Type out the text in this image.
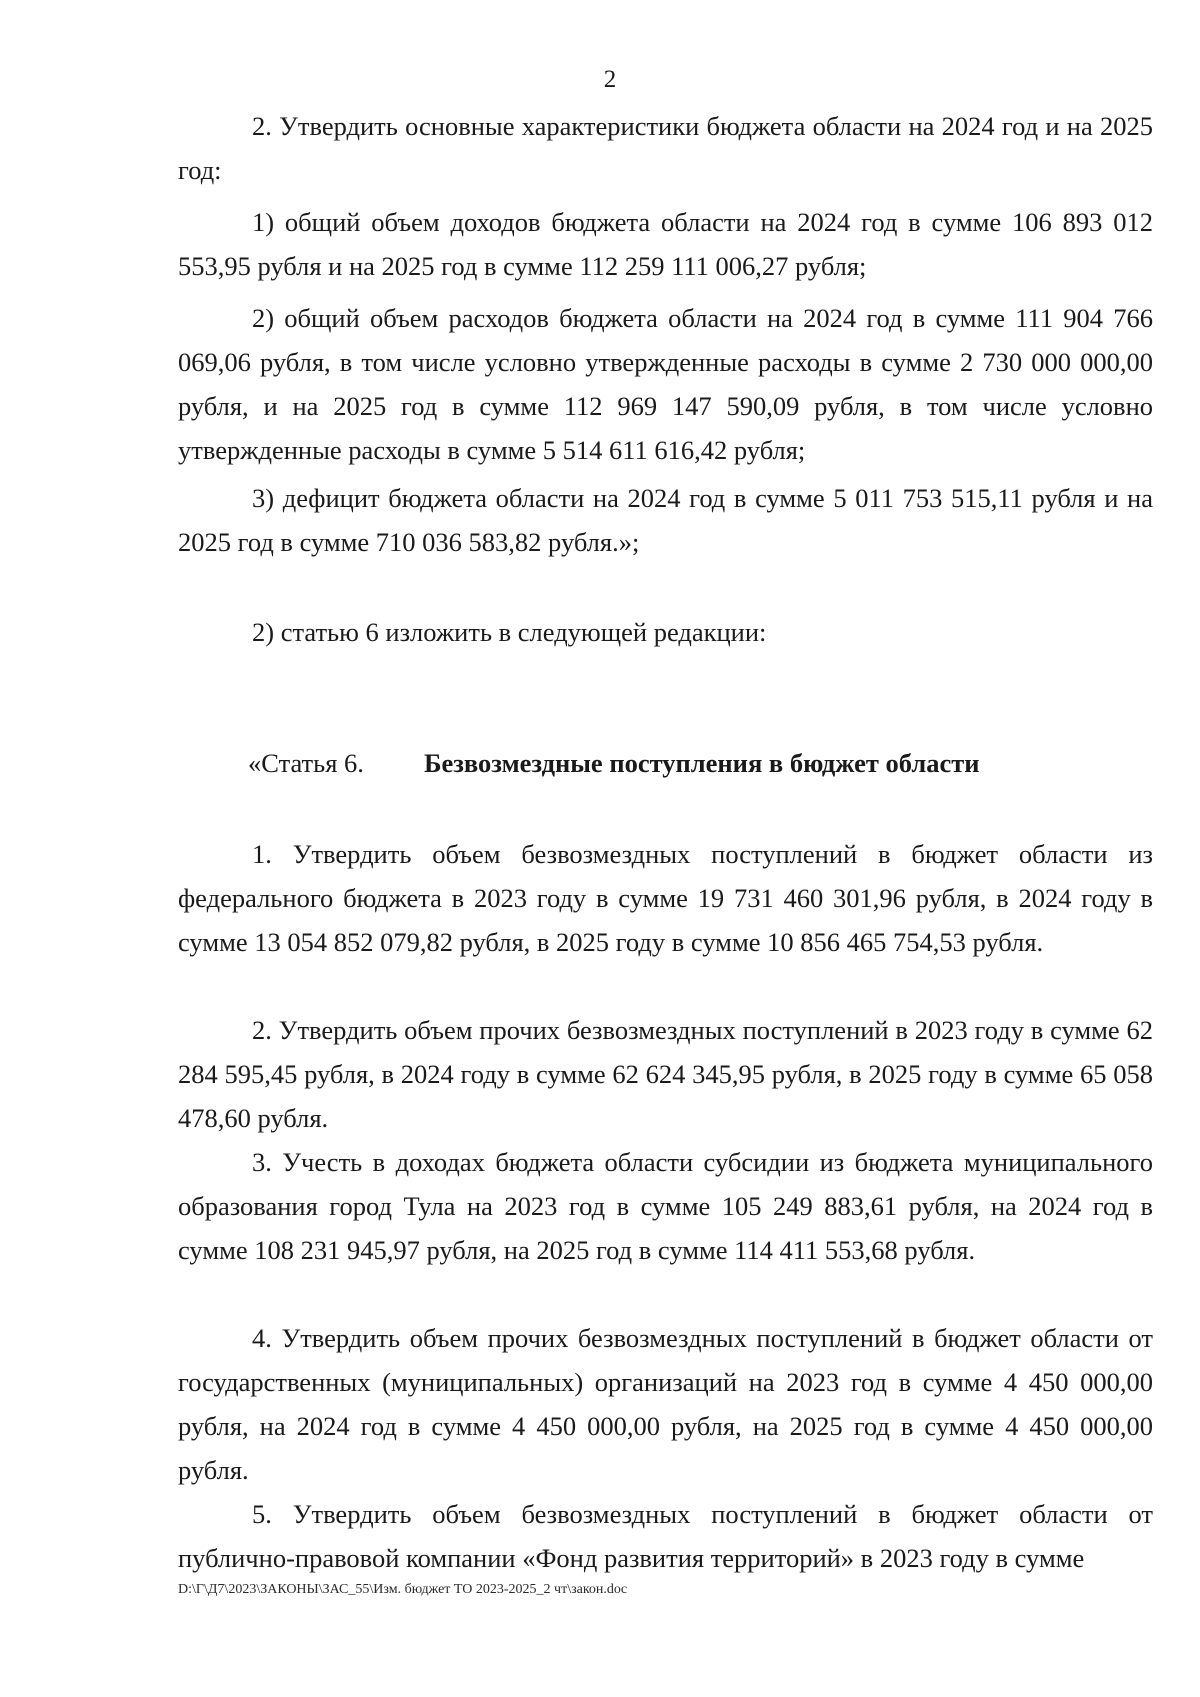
2

2. Утвердить основные характеристики бюджета области на 2024 год и на 2025 год:

1) общий объем доходов бюджета области на 2024 год в сумме 106 893 012 553,95 рубля и на 2025 год в сумме 112 259 111 006,27 рубля;

2) общий объем расходов бюджета области на 2024 год в сумме 111 904 766 069,06 рубля, в том числе условно утвержденные расходы в сумме 2 730 000 000,00 рубля, и на 2025 год в сумме 112 969 147 590,09 рубля, в том числе условно утвержденные расходы в сумме 5 514 611 616,42 рубля;

3) дефицит бюджета области на 2024 год в сумме 5 011 753 515,11 рубля и на 2025 год в сумме 710 036 583,82 рубля.»;

2) статью 6 изложить в следующей редакции:

«Статья 6. Безвозмездные поступления в бюджет области

1. Утвердить объем безвозмездных поступлений в бюджет области из федерального бюджета в 2023 году в сумме 19 731 460 301,96 рубля, в 2024 году в сумме 13 054 852 079,82 рубля, в 2025 году в сумме 10 856 465 754,53 рубля.

2. Утвердить объем прочих безвозмездных поступлений в 2023 году в сумме 62 284 595,45 рубля, в 2024 году в сумме 62 624 345,95 рубля, в 2025 году в сумме 65 058 478,60 рубля.

3. Учесть в доходах бюджета области субсидии из бюджета муниципального образования город Тула на 2023 год в сумме 105 249 883,61 рубля, на 2024 год в сумме 108 231 945,97 рубля, на 2025 год в сумме 114 411 553,68 рубля.

4. Утвердить объем прочих безвозмездных поступлений в бюджет области от государственных (муниципальных) организаций на 2023 год в сумме 4 450 000,00 рубля, на 2024 год в сумме 4 450 000,00 рубля, на 2025 год в сумме 4 450 000,00 рубля.

5. Утвердить объем безвозмездных поступлений в бюджет области от публично-правовой компании «Фонд развития территорий» в 2023 году в сумме

D:\Г\Д7\2023\ЗАКОНЫ\ЗАС_55\Изм. бюджет ТО 2023-2025_2 чт\закон.doc
